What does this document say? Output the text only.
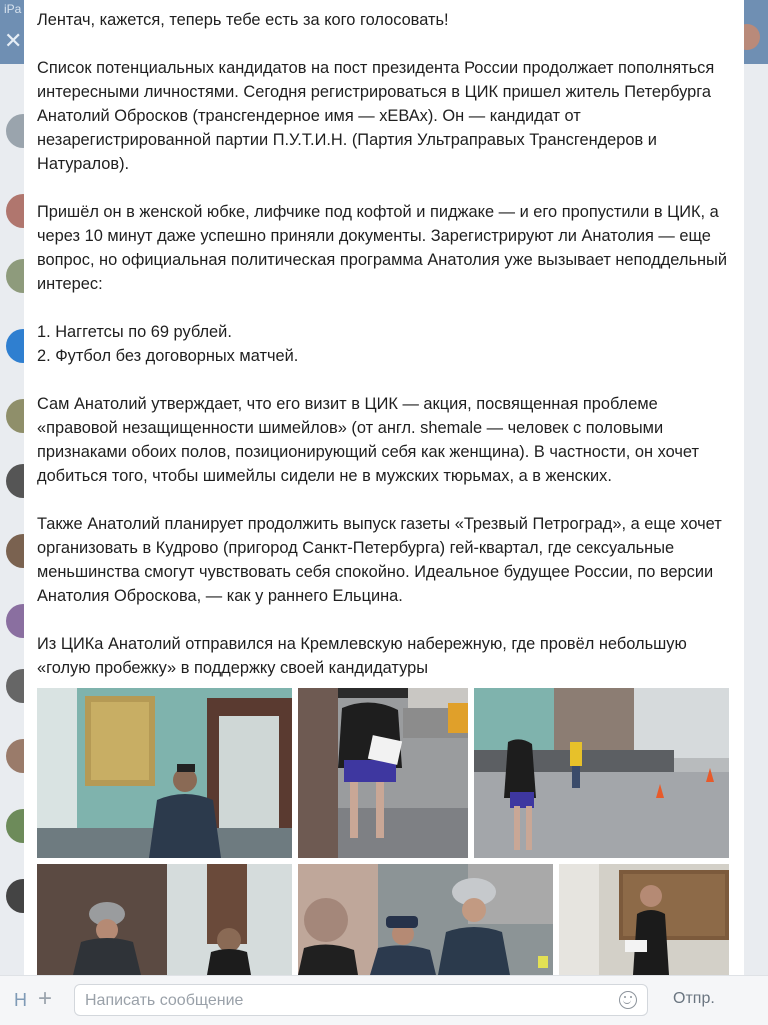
iPa
✕

Лентач, кажется, теперь тебе есть за кого голосовать!

Список потенциальных кандидатов на пост президента России продолжает пополняться интересными личностями. Сегодня регистрироваться в ЦИК пришел житель Петербурга Анатолий Обросков (трансгендерное имя — хЕВАх). Он — кандидат от незарегистрированной партии П.У.Т.И.Н. (Партия Ультраправых Трансгендеров и Натуралов).

Пришёл он в женской юбке, лифчике под кофтой и пиджаке — и его пропустили в ЦИК, а через 10 минут даже успешно приняли документы. Зарегистрируют ли Анатолия — еще вопрос, но официальная политическая программа Анатолия уже вызывает неподдельный интерес:

1. Наггетсы по 69 рублей.

2. Футбол без договорных матчей.

Сам Анатолий утверждает, что его визит в ЦИК — акция, посвященная проблеме «правовой незащищенности шимейлов» (от англ. shemale — человек с половыми признаками обоих полов, позиционирующий себя как женщина). В частности, он хочет добиться того, чтобы шимейлы сидели не в мужских тюрьмах, а в женских.

Также Анатолий планирует продолжить выпуск газеты «Трезвый Петроград», а еще хочет организовать в Кудрово (пригород Санкт-Петербурга) гей-квартал, где сексуальные меньшинства смогут чувствовать себя спокойно. Идеальное будущее России, по версии Анатолия Оброскова, — как у раннего Ельцина.

Из ЦИКа Анатолий отправился на Кремлевскую набережную, где провёл небольшую «голую пробежку» в поддержку своей кандидатуры

Н +
Написать сообщение	Отпр.
